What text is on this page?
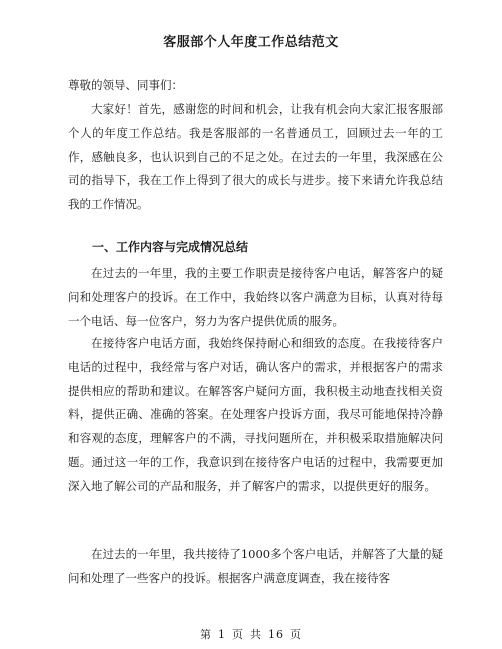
客服部个人年度工作总结范文
尊敬的领导、同事们：
大家好！首先，感谢您的时间和机会，让我有机会向大家汇报客服部个人的年度工作总结。我是客服部的一名普通员工，回顾过去一年的工作，感触良多，也认识到自己的不足之处。在过去的一年里，我深感在公司的指导下，我在工作上得到了很大的成长与进步。接下来请允许我总结我的工作情况。
一、工作内容与完成情况总结
在过去的一年里，我的主要工作职责是接待客户电话，解答客户的疑问和处理客户的投诉。在工作中，我始终以客户满意为目标，认真对待每一个电话、每一位客户，努力为客户提供优质的服务。
在接待客户电话方面，我始终保持耐心和细致的态度。在我接待客户电话的过程中，我经常与客户对话，确认客户的需求，并根据客户的需求提供相应的帮助和建议。在解答客户疑问方面，我积极主动地查找相关资料，提供正确、准确的答案。在处理客户投诉方面，我尽可能地保持冷静和容观的态度，理解客户的不满，寻找问题所在，并积极采取措施解决问题。通过这一年的工作，我意识到在接待客户电话的过程中，我需要更加深入地了解公司的产品和服务，并了解客户的需求，以提供更好的服务。
在过去的一年里，我共接待了1000多个客户电话，并解答了大量的疑问和处理了一些客户的投诉。根据客户满意度调查，我在接待客
第 1 页 共 16 页
